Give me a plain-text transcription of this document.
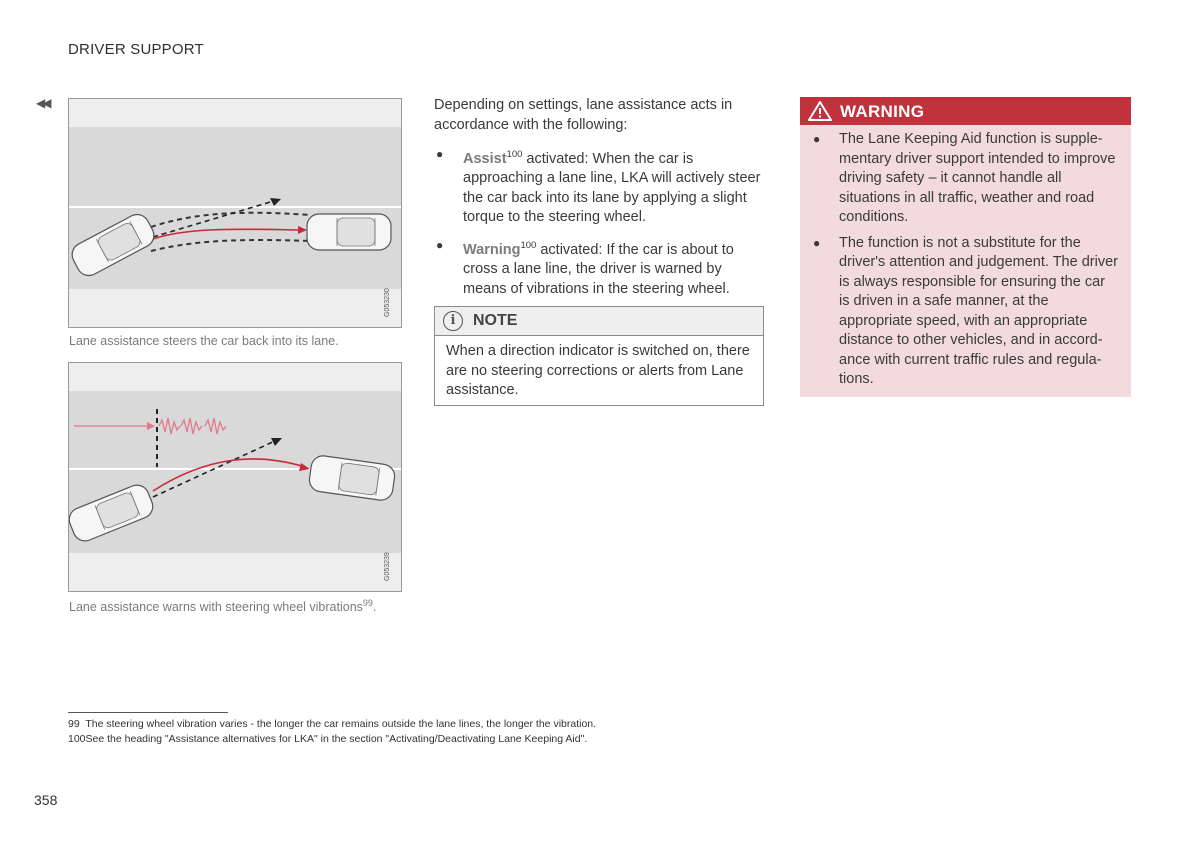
DRIVER SUPPORT
◀◀
G053230
Lane assistance steers the car back into its lane.
G053239
Lane assistance warns with steering wheel vibrations$^{99}$.
Depending on settings, lane assistance acts in accordance with the following:
● Assist$^{100}$ activated: When the car is approaching a lane line, LKA will actively steer the car back into its lane by applying a slight torque to the steering wheel.
● Warning$^{100}$ activated: If the car is about to cross a lane line, the driver is warned by means of vibrations in the steering wheel.
i	NOTE
When a direction indicator is switched on, there are no steering corrections or alerts from Lane assistance.
WARNING
● The Lane Keeping Aid function is supplementary driver support intended to improve driving safety – it cannot handle all situations in all traffic, weather and road conditions.
● The function is not a substitute for the driver's attention and judgement. The driver is always responsible for ensuring the car is driven in a safe manner, at the appropriate speed, with an appropriate distance to other vehicles, and in accordance with current traffic rules and regulations.
99 The steering wheel vibration varies - the longer the car remains outside the lane lines, the longer the vibration.
100See the heading "Assistance alternatives for LKA" in the section "Activating/Deactivating Lane Keeping Aid".
358
